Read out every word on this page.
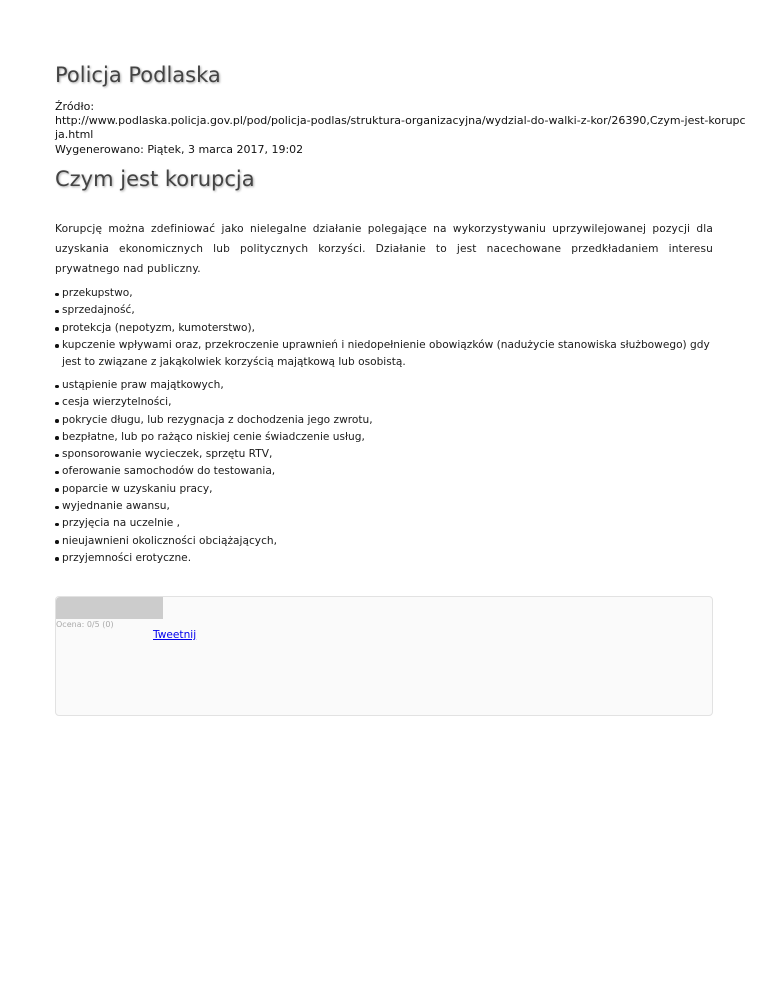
Policja Podlaska
Źródło:
http://www.podlaska.policja.gov.pl/pod/policja-podlas/struktura-organizacyjna/wydzial-do-walki-z-kor/26390,Czym-jest-korupc
ja.html
Wygenerowano: Piątek, 3 marca 2017, 19:02
Czym jest korupcja

Korupcję można zdefiniować jako nielegalne działanie polegające na wykorzystywaniu uprzywilejowanej pozycji dla uzyskania ekonomicznych lub politycznych korzyści. Działanie to jest nacechowane przedkładaniem interesu prywatnego nad publiczny.

przekupstwo,
sprzedajność,
protekcja (nepotyzm, kumoterstwo),
kupczenie wpływami oraz, przekroczenie uprawnień i niedopełnienie obowiązków (nadużycie stanowiska służbowego) gdy jest to związane z jakąkolwiek korzyścią majątkową lub osobistą.
ustąpienie praw majątkowych,
cesja wierzytelności,
pokrycie długu, lub rezygnacja z dochodzenia jego zwrotu,
bezpłatne, lub po rażąco niskiej cenie świadczenie usług,
sponsorowanie wycieczek, sprzętu RTV,
oferowanie samochodów do testowania,
poparcie w uzyskaniu pracy,
wyjednanie awansu,
przyjęcia na uczelnie ,
nieujawnieni okoliczności obciążających,
przyjemności erotyczne.
Ocena: 0/5 (0)
Tweetnij
